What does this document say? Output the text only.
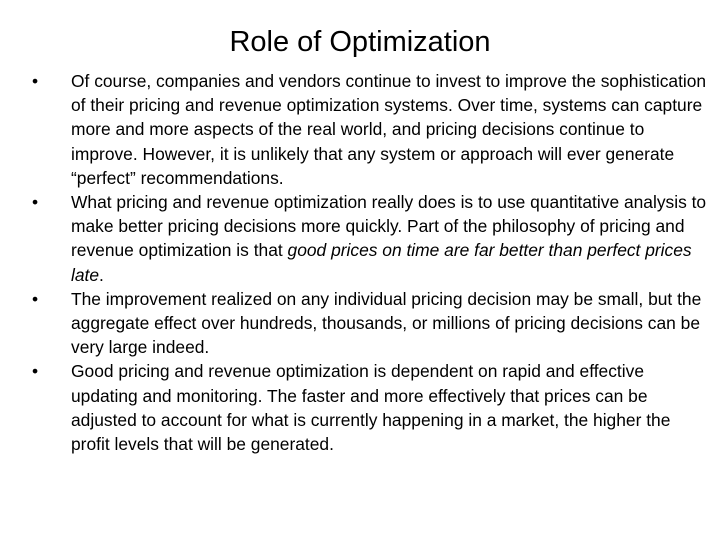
Role of Optimization
• Of course, companies and vendors continue to invest to improve the sophistication of their pricing and revenue optimization systems. Over time, systems can capture more and more aspects of the real world, and pricing decisions continue to improve. However, it is unlikely that any system or approach will ever generate “perfect” recommendations.
• What pricing and revenue optimization really does is to use quantitative analysis to make better pricing decisions more quickly. Part of the philosophy of pricing and revenue optimization is that good prices on time are far better than perfect prices late.
• The improvement realized on any individual pricing decision may be small, but the aggregate effect over hundreds, thousands, or millions of pricing decisions can be very large indeed.
• Good pricing and revenue optimization is dependent on rapid and effective updating and monitoring. The faster and more effectively that prices can be adjusted to account for what is currently happening in a market, the higher the profit levels that will be generated.
